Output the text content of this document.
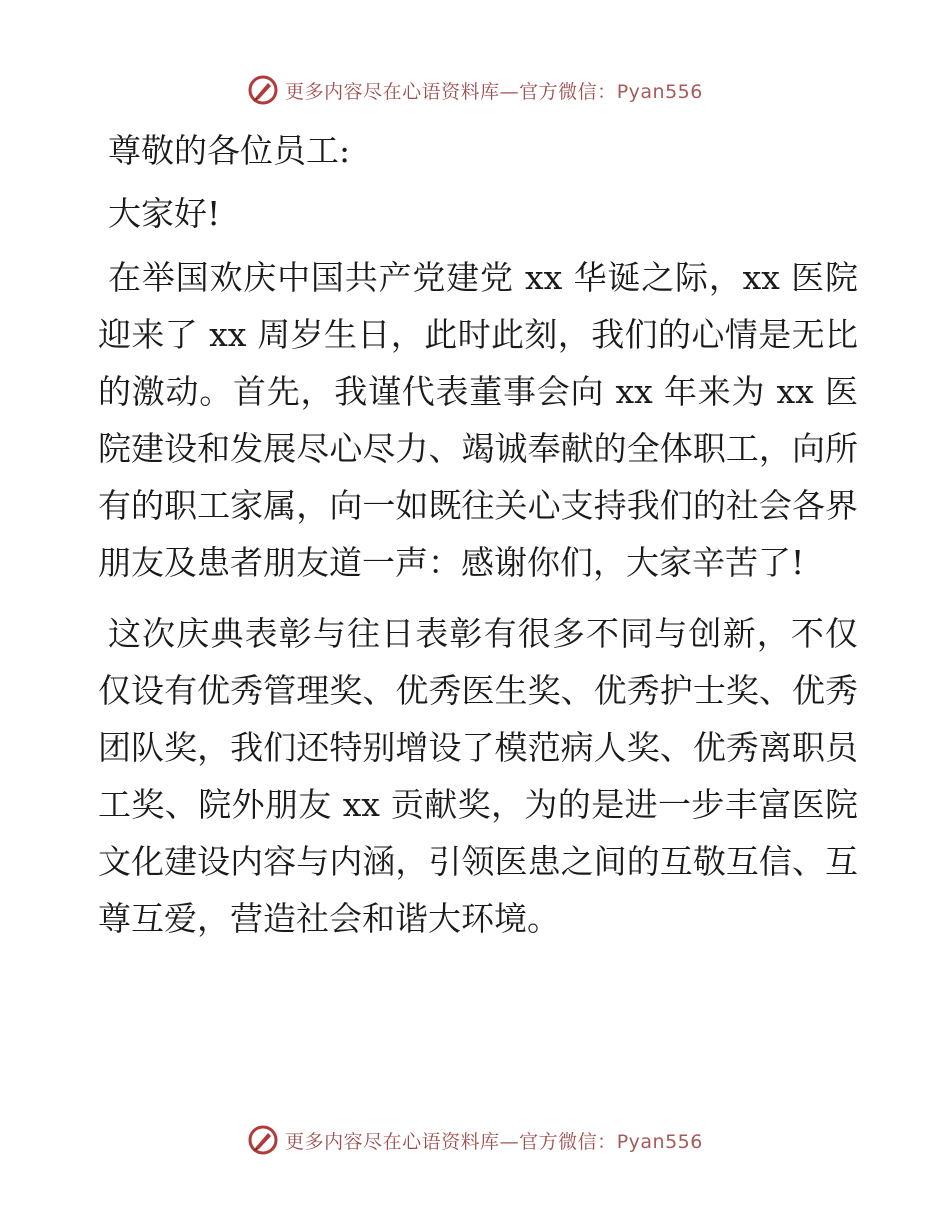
更多内容尽在心语资料库—官方微信：Pyan556

尊敬的各位员工:

大家好!

在举国欢庆中国共产党建党 xx 华诞之际，xx 医院迎来了 xx 周岁生日，此时此刻，我们的心情是无比的激动。首先，我谨代表董事会向 xx 年来为 xx 医院建设和发展尽心尽力、竭诚奉献的全体职工，向所有的职工家属，向一如既往关心支持我们的社会各界朋友及患者朋友道一声：感谢你们，大家辛苦了!

这次庆典表彰与往日表彰有很多不同与创新，不仅仅设有优秀管理奖、优秀医生奖、优秀护士奖、优秀团队奖，我们还特别增设了模范病人奖、优秀离职员工奖、院外朋友 xx 贡献奖，为的是进一步丰富医院文化建设内容与内涵，引领医患之间的互敬互信、互尊互爱，营造社会和谐大环境。

更多内容尽在心语资料库—官方微信：Pyan556
